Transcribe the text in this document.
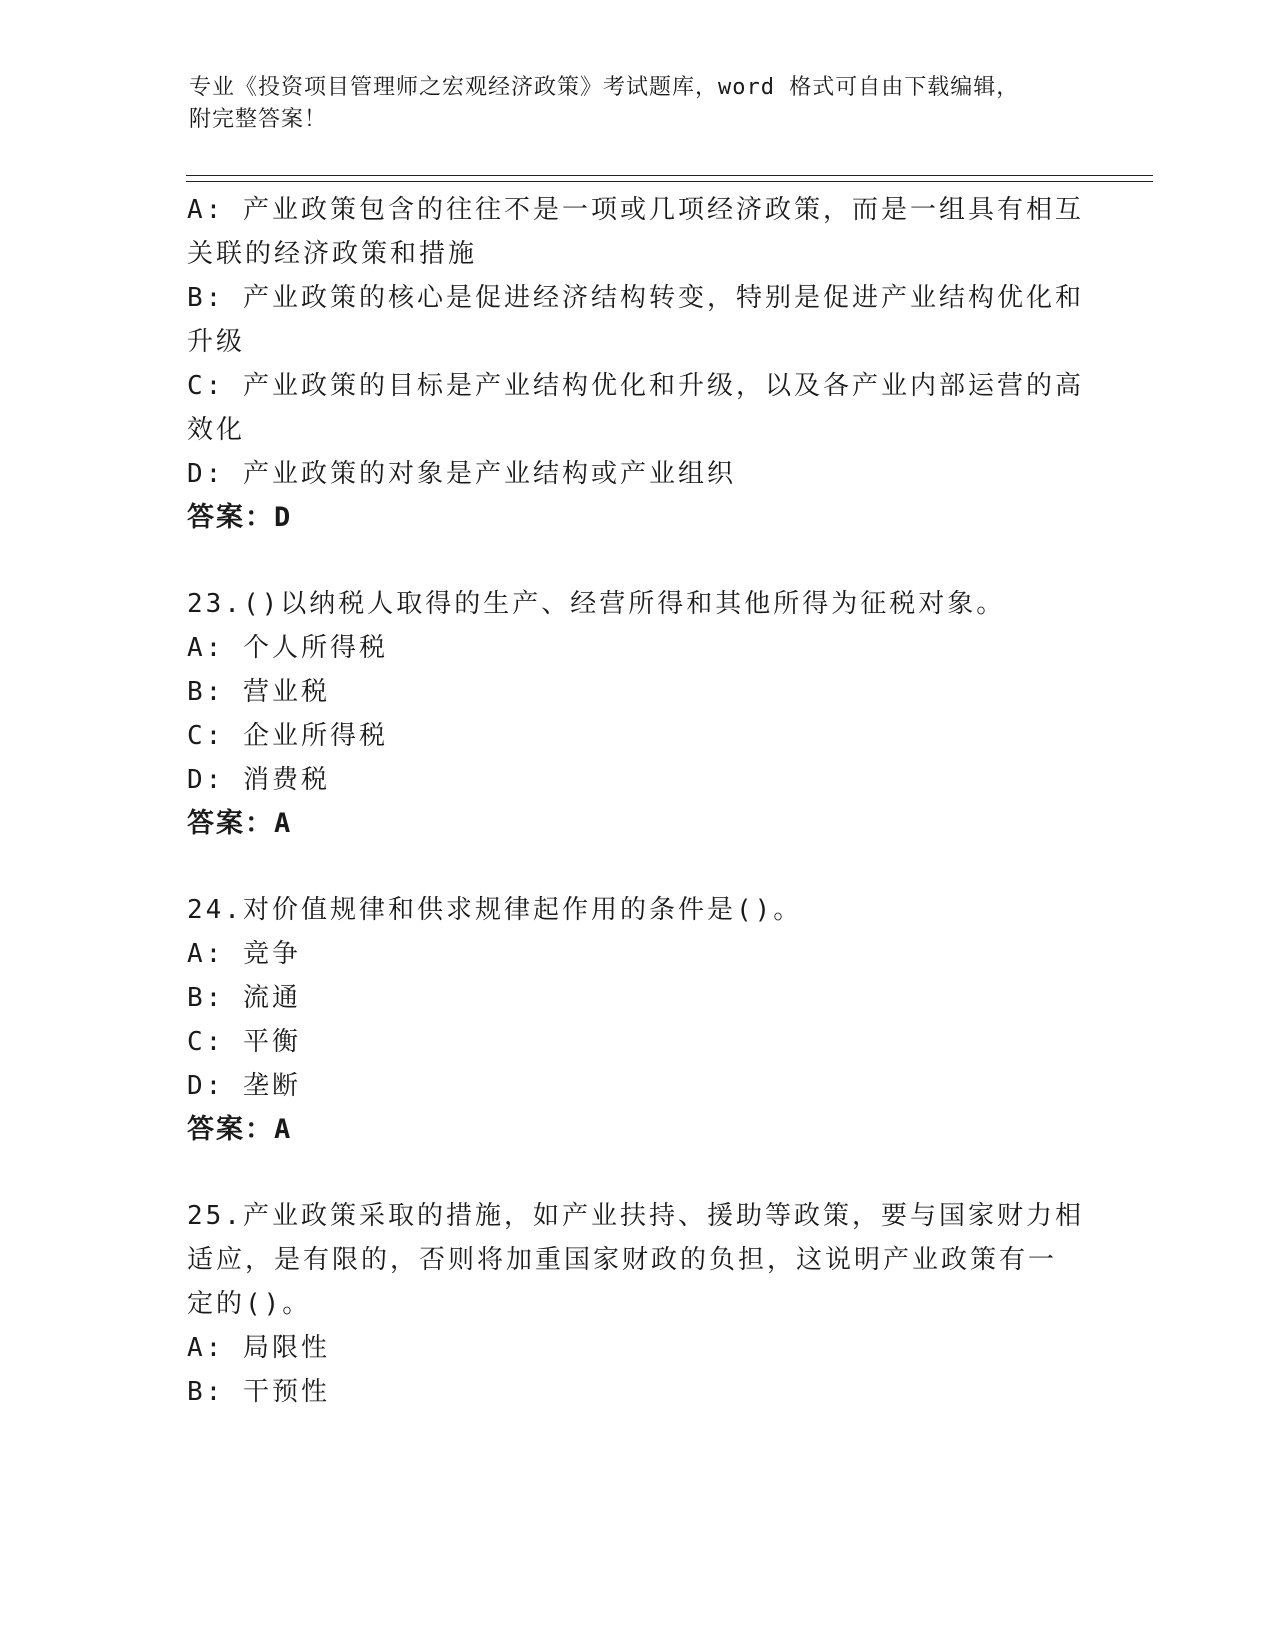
专业《投资项目管理师之宏观经济政策》考试题库，word 格式可自由下载编辑，
附完整答案！
A: 产业政策包含的往往不是一项或几项经济政策，而是一组具有相互
关联的经济政策和措施
B: 产业政策的核心是促进经济结构转变，特别是促进产业结构优化和
升级
C: 产业政策的目标是产业结构优化和升级，以及各产业内部运营的高
效化
D: 产业政策的对象是产业结构或产业组织
答案：D
23.()以纳税人取得的生产、经营所得和其他所得为征税对象。
A: 个人所得税
B: 营业税
C: 企业所得税
D: 消费税
答案：A
24.对价值规律和供求规律起作用的条件是()。
A: 竞争
B: 流通
C: 平衡
D: 垄断
答案：A
25.产业政策采取的措施，如产业扶持、援助等政策，要与国家财力相
适应，是有限的，否则将加重国家财政的负担，这说明产业政策有一
定的()。
A: 局限性
B: 干预性
